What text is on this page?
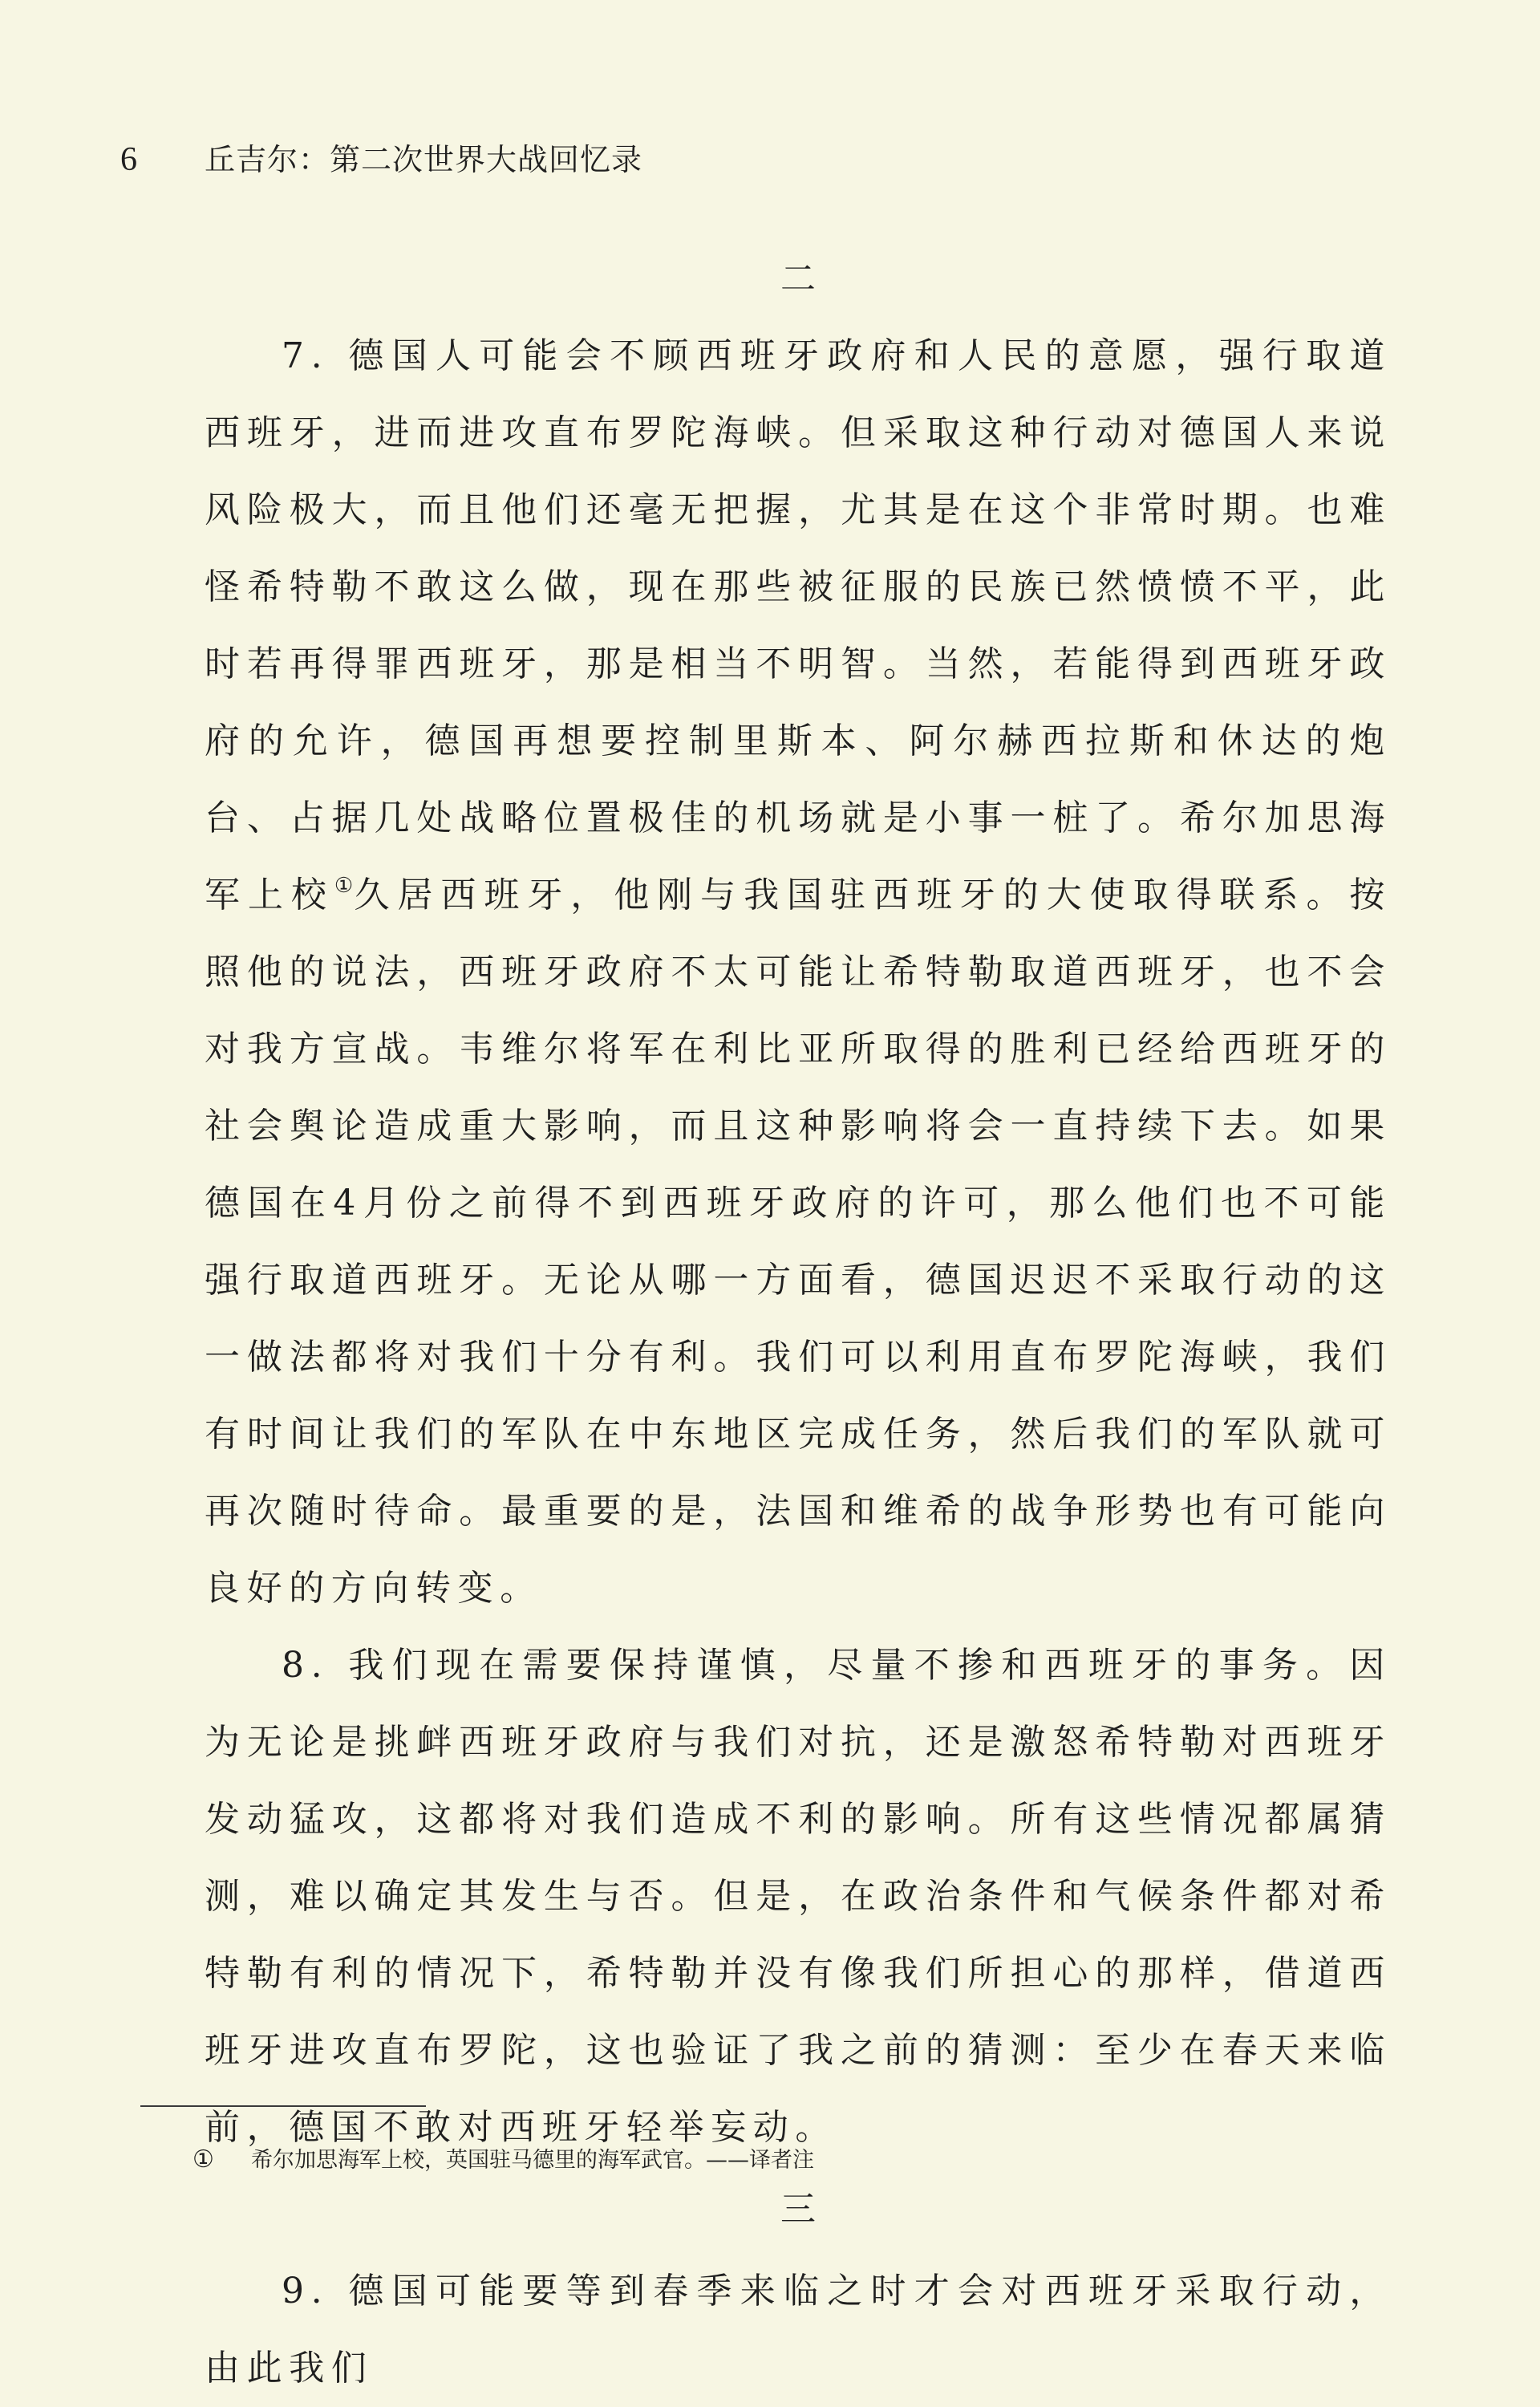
6	丘吉尔：第二次世界大战回忆录
二

7. 德国人可能会不顾西班牙政府和人民的意愿，强行取道西班牙，进而进攻直布罗陀海峡。但采取这种行动对德国人来说风险极大，而且他们还毫无把握，尤其是在这个非常时期。也难怪希特勒不敢这么做，现在那些被征服的民族已然愤愤不平，此时若再得罪西班牙，那是相当不明智。当然，若能得到西班牙政府的允许，德国再想要控制里斯本、阿尔赫西拉斯和休达的炮台、占据几处战略位置极佳的机场就是小事一桩了。希尔加思海军上校①久居西班牙，他刚与我国驻西班牙的大使取得联系。按照他的说法，西班牙政府不太可能让希特勒取道西班牙，也不会对我方宣战。韦维尔将军在利比亚所取得的胜利已经给西班牙的社会舆论造成重大影响，而且这种影响将会一直持续下去。如果德国在4月份之前得不到西班牙政府的许可，那么他们也不可能强行取道西班牙。无论从哪一方面看，德国迟迟不采取行动的这一做法都将对我们十分有利。我们可以利用直布罗陀海峡，我们有时间让我们的军队在中东地区完成任务，然后我们的军队就可再次随时待命。最重要的是，法国和维希的战争形势也有可能向良好的方向转变。

8. 我们现在需要保持谨慎，尽量不掺和西班牙的事务。因为无论是挑衅西班牙政府与我们对抗，还是激怒希特勒对西班牙发动猛攻，这都将对我们造成不利的影响。所有这些情况都属猜测，难以确定其发生与否。但是，在政治条件和气候条件都对希特勒有利的情况下，希特勒并没有像我们所担心的那样，借道西班牙进攻直布罗陀，这也验证了我之前的猜测：至少在春天来临前，德国不敢对西班牙轻举妄动。

三

9. 德国可能要等到春季来临之时才会对西班牙采取行动，由此我们

①	希尔加思海军上校，英国驻马德里的海军武官。——译者注
